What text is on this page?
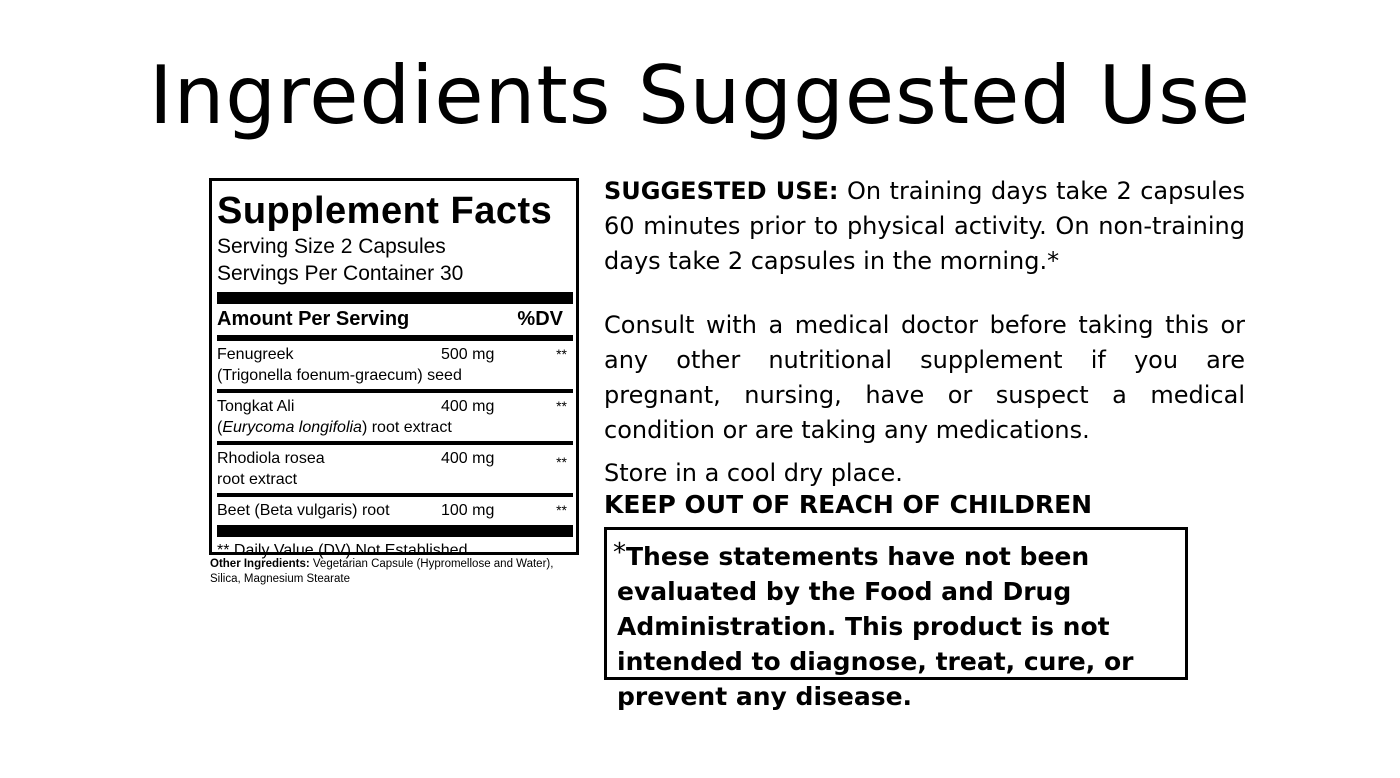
Ingredients Suggested Use
Supplement Facts
Serving Size 2 Capsules
Servings Per Container 30
Amount Per Serving	%DV
Fenugreek
(Trigonella foenum-graecum) seed
500 mg	**
Tongkat Ali
(Eurycoma longifolia) root extract
400 mg	**
Rhodiola rosea
root extract
400 mg	**
Beet (Beta vulgaris) root	100 mg	**
** Daily Value (DV) Not Established
Other Ingredients: Vegetarian Capsule (Hypromellose and Water), Silica, Magnesium Stearate

SUGGESTED USE: On training days take 2 capsules 60 minutes prior to physical activity. On non-training days take 2 capsules in the morning.*

Consult with a medical doctor before taking this or any other nutritional supplement if you are pregnant, nursing, have or suspect a medical condition or are taking any medications.

Store in a cool dry place.
KEEP OUT OF REACH OF CHILDREN
*These statements have not been evaluated by the Food and Drug Administration. This product is not intended to diagnose, treat, cure, or prevent any disease.
